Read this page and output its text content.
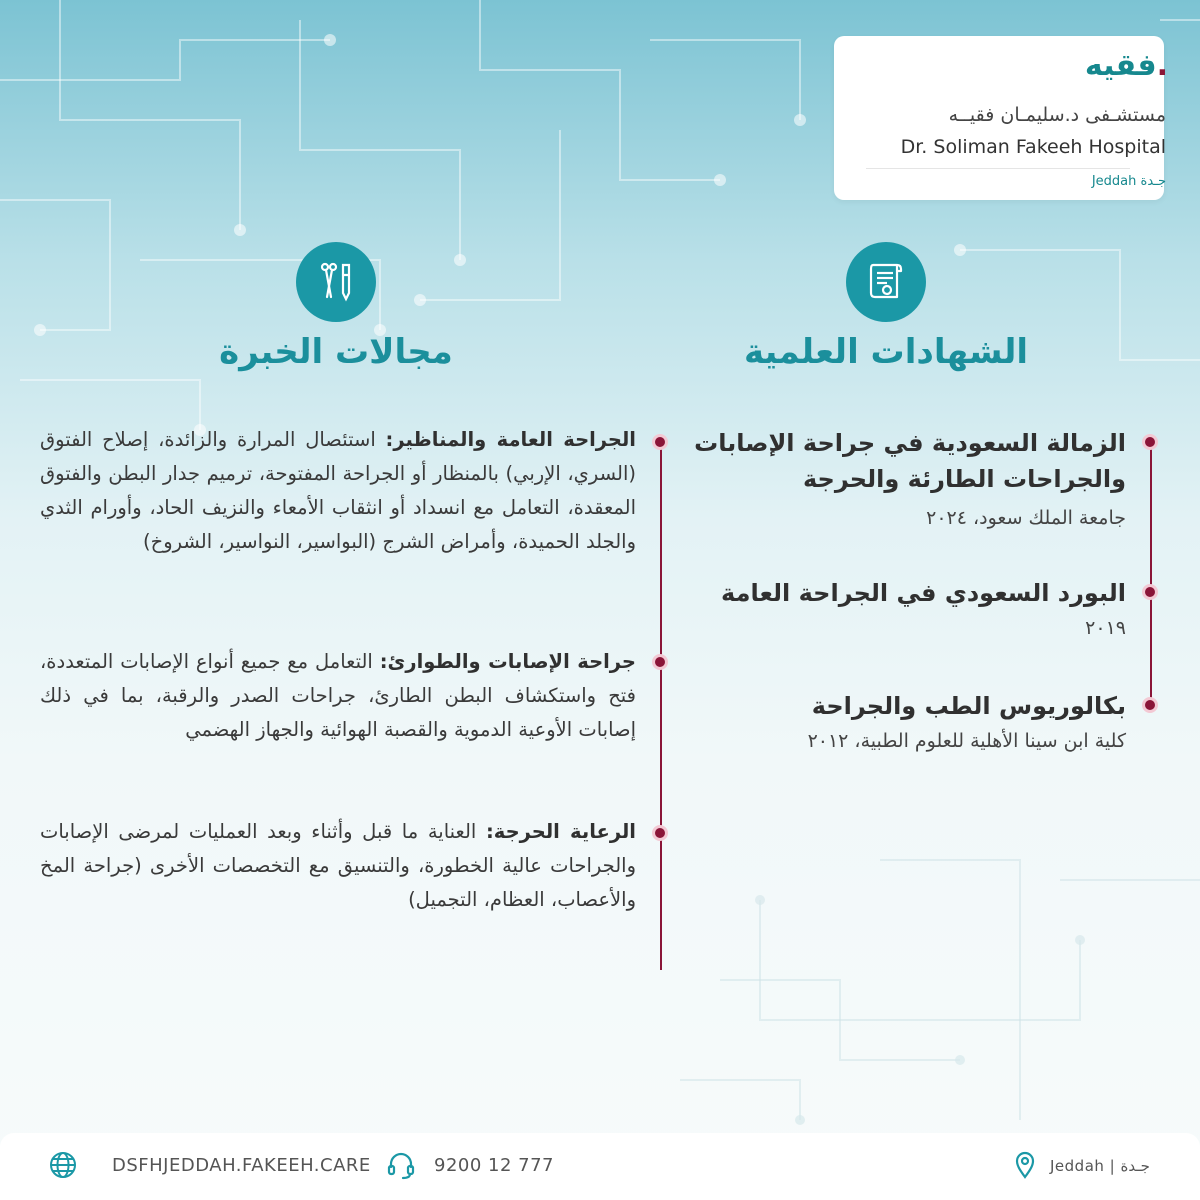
.فقيه
مستشـفى د.سليمـان فقيــه
Dr. Soliman Fakeeh Hospital
Jeddah جـدة
الشهادات العلمية
مجالات الخبرة
الزمالة السعودية في جراحة الإصابات والجراحات الطارئة والحرجة
جامعة الملك سعود، ٢٠٢٤
البورد السعودي في الجراحة العامة
٢٠١٩
بكالوريوس الطب والجراحة
كلية ابن سينا الأهلية للعلوم الطبية، ٢٠١٢
الجراحة العامة والمناظير: استئصال المرارة والزائدة، إصلاح الفتوق (السري، الإربي) بالمنظار أو الجراحة المفتوحة، ترميم جدار البطن والفتوق المعقدة، التعامل مع انسداد أو انثقاب الأمعاء والنزيف الحاد، وأورام الثدي والجلد الحميدة، وأمراض الشرج (البواسير، النواسير، الشروخ)
جراحة الإصابات والطوارئ: التعامل مع جميع أنواع الإصابات المتعددة، فتح واستكشاف البطن الطارئ، جراحات الصدر والرقبة، بما في ذلك إصابات الأوعية الدموية والقصبة الهوائية والجهاز الهضمي
الرعاية الحرجة: العناية ما قبل وأثناء وبعد العمليات لمرضى الإصابات والجراحات عالية الخطورة، والتنسيق مع التخصصات الأخرى (جراحة المخ والأعصاب، العظام، التجميل)
DSFHJEDDAH.FAKEEH.CARE	9200 12 777	Jeddah | جـدة
